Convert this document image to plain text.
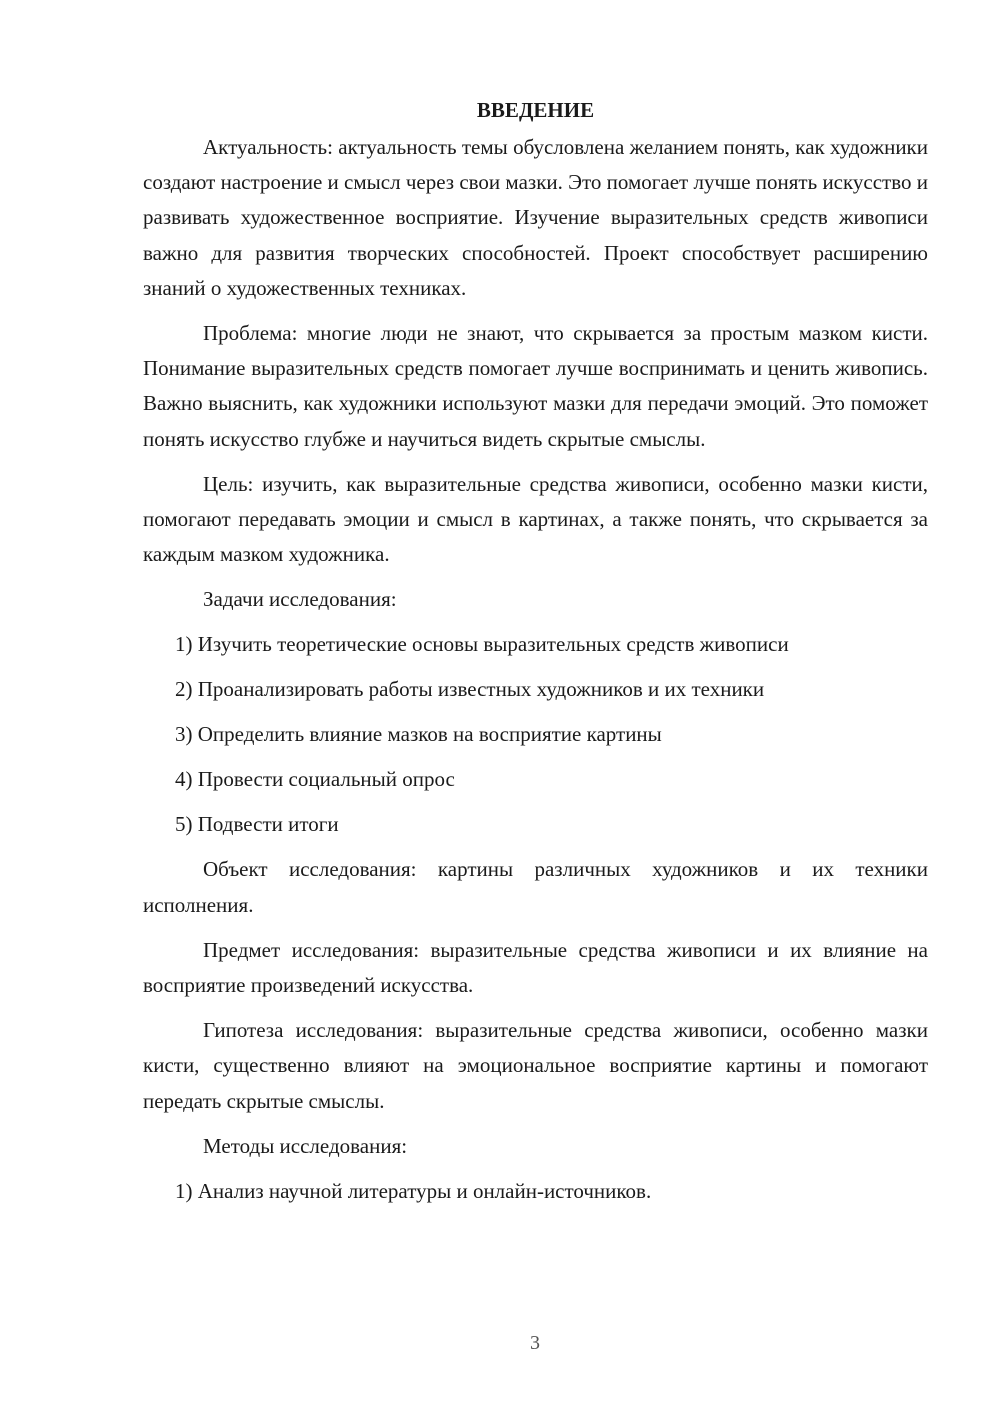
ВВЕДЕНИЕ

Актуальность: актуальность темы обусловлена желанием понять, как художники создают настроение и смысл через свои мазки. Это помогает лучше понять искусство и развивать художественное восприятие. Изучение выразительных средств живописи важно для развития творческих способностей. Проект способствует расширению знаний о художественных техниках.

Проблема: многие люди не знают, что скрывается за простым мазком кисти. Понимание выразительных средств помогает лучше воспринимать и ценить живопись. Важно выяснить, как художники используют мазки для передачи эмоций. Это поможет понять искусство глубже и научиться видеть скрытые смыслы.

Цель: изучить, как выразительные средства живописи, особенно мазки кисти, помогают передавать эмоции и смысл в картинах, а также понять, что скрывается за каждым мазком художника.

Задачи исследования:

1) Изучить теоретические основы выразительных средств живописи

2) Проанализировать работы известных художников и их техники

3) Определить влияние мазков на восприятие картины

4) Провести социальный опрос

5) Подвести итоги

Объект исследования: картины различных художников и их техники исполнения.

Предмет исследования: выразительные средства живописи и их влияние на восприятие произведений искусства.

Гипотеза исследования: выразительные средства живописи, особенно мазки кисти, существенно влияют на эмоциональное восприятие картины и помогают передать скрытые смыслы.

Методы исследования:

1) Анализ научной литературы и онлайн-источников.

3
